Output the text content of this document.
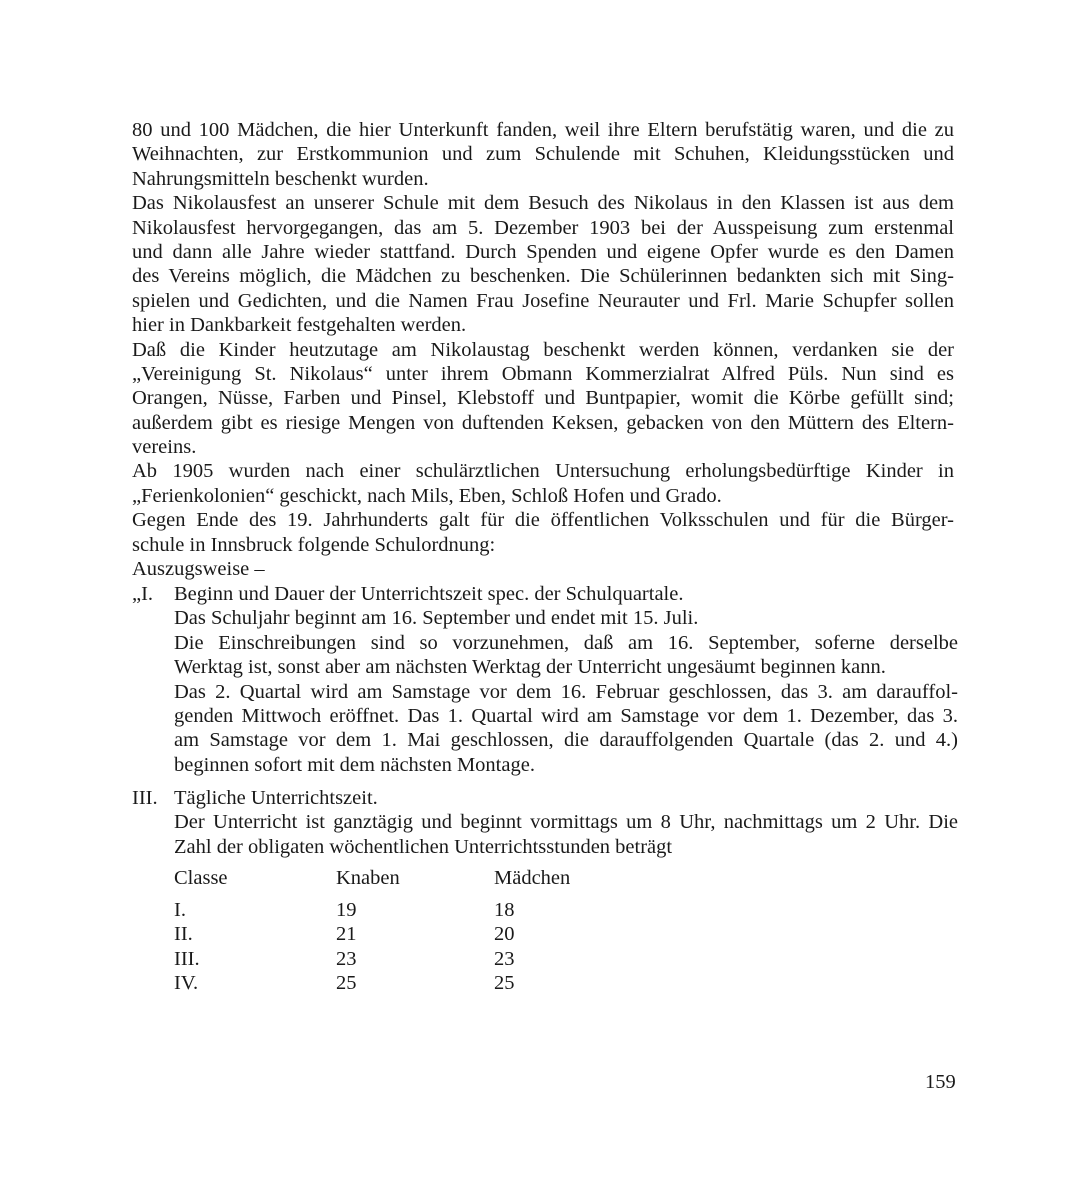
80 und 100 Mädchen, die hier Unterkunft fanden, weil ihre Eltern berufstätig waren, und die zu
Weihnachten, zur Erstkommunion und zum Schulende mit Schuhen, Kleidungsstücken und
Nahrungsmitteln beschenkt wurden.
Das Nikolausfest an unserer Schule mit dem Besuch des Nikolaus in den Klassen ist aus dem
Nikolausfest hervorgegangen, das am 5. Dezember 1903 bei der Ausspeisung zum erstenmal
und dann alle Jahre wieder stattfand. Durch Spenden und eigene Opfer wurde es den Damen
des Vereins möglich, die Mädchen zu beschenken. Die Schülerinnen bedankten sich mit Sing-
spielen und Gedichten, und die Namen Frau Josefine Neurauter und Frl. Marie Schupfer sollen
hier in Dankbarkeit festgehalten werden.
Daß die Kinder heutzutage am Nikolaustag beschenkt werden können, verdanken sie der
„Vereinigung St. Nikolaus“ unter ihrem Obmann Kommerzialrat Alfred Püls. Nun sind es
Orangen, Nüsse, Farben und Pinsel, Klebstoff und Buntpapier, womit die Körbe gefüllt sind;
außerdem gibt es riesige Mengen von duftenden Keksen, gebacken von den Müttern des Eltern-
vereins.
Ab 1905 wurden nach einer schulärztlichen Untersuchung erholungsbedürftige Kinder in
„Ferienkolonien“ geschickt, nach Mils, Eben, Schloß Hofen und Grado.
Gegen Ende des 19. Jahrhunderts galt für die öffentlichen Volksschulen und für die Bürger-
schule in Innsbruck folgende Schulordnung:
Auszugsweise –
„I. Beginn und Dauer der Unterrichtszeit spec. der Schulquartale.
Das Schuljahr beginnt am 16. September und endet mit 15. Juli.
Die Einschreibungen sind so vorzunehmen, daß am 16. September, soferne derselbe
Werktag ist, sonst aber am nächsten Werktag der Unterricht ungesäumt beginnen kann.
Das 2. Quartal wird am Samstage vor dem 16. Februar geschlossen, das 3. am darauffol-
genden Mittwoch eröffnet. Das 1. Quartal wird am Samstage vor dem 1. Dezember, das 3.
am Samstage vor dem 1. Mai geschlossen, die darauffolgenden Quartale (das 2. und 4.)
beginnen sofort mit dem nächsten Montage.
III. Tägliche Unterrichtszeit.
Der Unterricht ist ganztägig und beginnt vormittags um 8 Uhr, nachmittags um 2 Uhr. Die
Zahl der obligaten wöchentlichen Unterrichtsstunden beträgt
Classe	Knaben	Mädchen
I.	19	18
II.	21	20
III.	23	23
IV.	25	25
159
